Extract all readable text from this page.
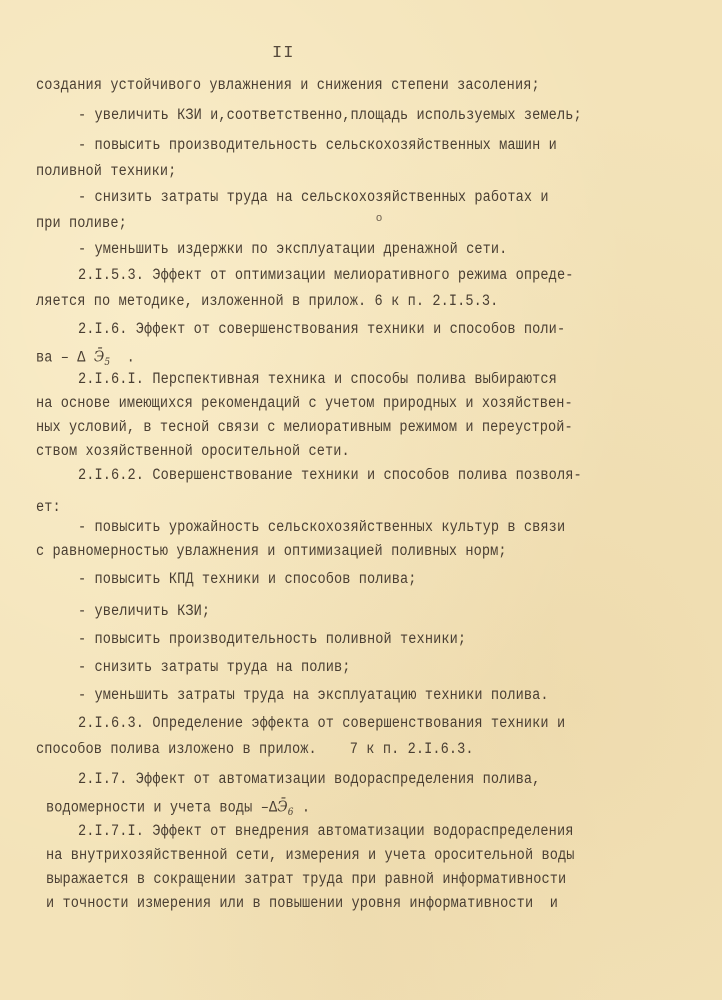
II
o
создания устойчивого увлажнения и снижения степени засоления;
- увеличить КЗИ и,соответственно,площадь используемых земель;
- повысить производительность сельскохозяйственных машин и
поливной техники;
- снизить затраты труда на сельскохозяйственных работах и
при поливе;
- уменьшить издержки по эксплуатации дренажной сети.
2.I.5.3. Эффект от оптимизации мелиоративного режима опреде-
ляется по методике, изложенной в прилож. 6 к п. 2.I.5.3.
2.I.6. Эффект от совершенствования техники и способов поли-
2.I.6.I. Перспективная техника и способы полива выбираются
на основе имеющихся рекомендаций с учетом природных и хозяйствен-
ных условий, в тесной связи с мелиоративным режимом и переустрой-
ством хозяйственной оросительной сети.
2.I.6.2. Совершенствование техники и способов полива позволя-
ет:
- повысить урожайность сельскохозяйственных культур в связи
с равномерностью увлажнения и оптимизацией поливных норм;
- повысить КПД техники и способов полива;
- увеличить КЗИ;
- повысить производительность поливной техники;
- снизить затраты труда на полив;
- уменьшить затраты труда на эксплуатацию техники полива.
2.I.6.3. Определение эффекта от совершенствования техники и
способов полива изложено в прилож.    7 к п. 2.I.6.3.
2.I.7. Эффект от автоматизации водораспределения полива,
2.I.7.I. Эффект от внедрения автоматизации водораспределения
на внутрихозяйственной сети, измерения и учета оросительной воды
выражается в сокращении затрат труда при равной информативности
и точности измерения или в повышении уровня информативности  и
ва – Δ $Э̄_5$  .
водомерности и учета воды $-\Delta Э̄_6$ .
